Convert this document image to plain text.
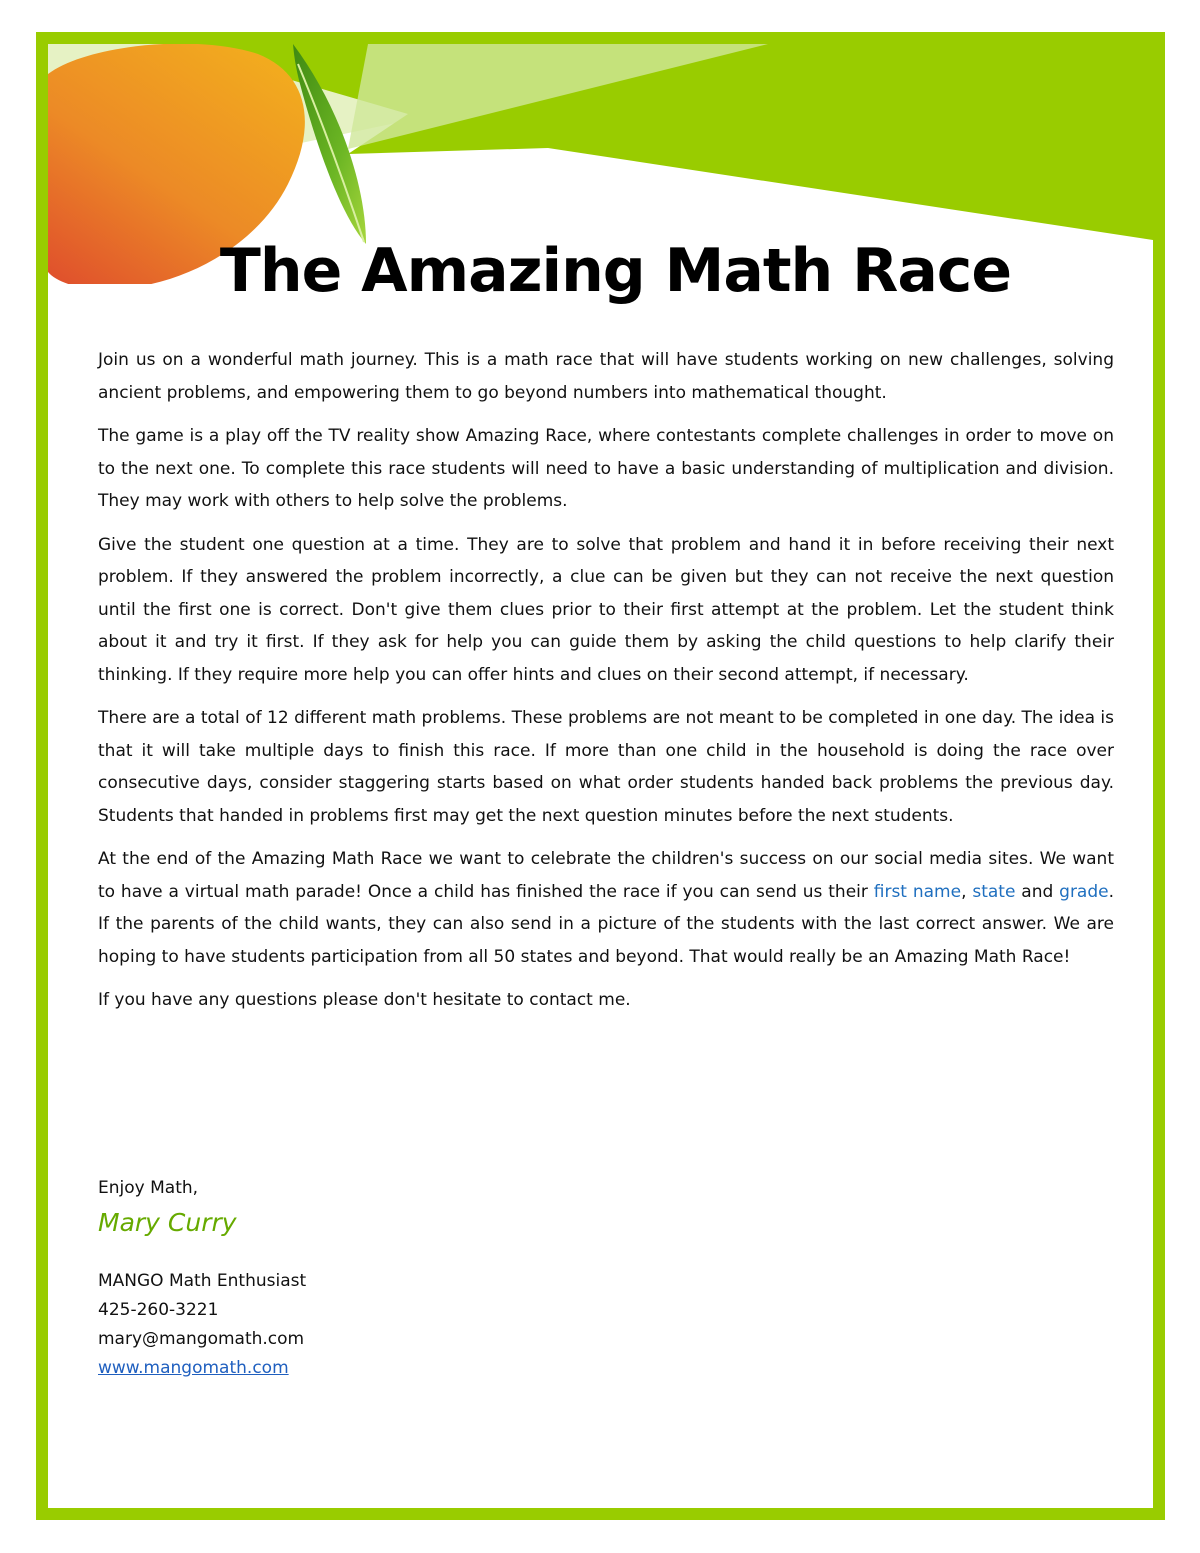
The Amazing Math Race

Join us on a wonderful math journey. This is a math race that will have students working on new challenges, solving ancient problems, and empowering them to go beyond numbers into mathematical thought.

The game is a play off the TV reality show Amazing Race, where contestants complete challenges in order to move on to the next one. To complete this race students will need to have a basic understanding of multiplication and division. They may work with others to help solve the problems.

Give the student one question at a time. They are to solve that problem and hand it in before receiving their next problem. If they answered the problem incorrectly, a clue can be given but they can not receive the next question until the first one is correct. Don't give them clues prior to their first attempt at the problem. Let the student think about it and try it first. If they ask for help you can guide them by asking the child questions to help clarify their thinking. If they require more help you can offer hints and clues on their second attempt, if necessary.

There are a total of 12 different math problems. These problems are not meant to be completed in one day. The idea is that it will take multiple days to finish this race. If more than one child in the household is doing the race over consecutive days, consider staggering starts based on what order students handed back problems the previous day. Students that handed in problems first may get the next question minutes before the next students.

At the end of the Amazing Math Race we want to celebrate the children's success on our social media sites. We want to have a virtual math parade! Once a child has finished the race if you can send us their first name, state and grade. If the parents of the child wants, they can also send in a picture of the students with the last correct answer. We are hoping to have students participation from all 50 states and beyond. That would really be an Amazing Math Race!

If you have any questions please don't hesitate to contact me.

Enjoy Math,
Mary Curry
MANGO Math Enthusiast
425-260-3221
mary@mangomath.com
www.mangomath.com
